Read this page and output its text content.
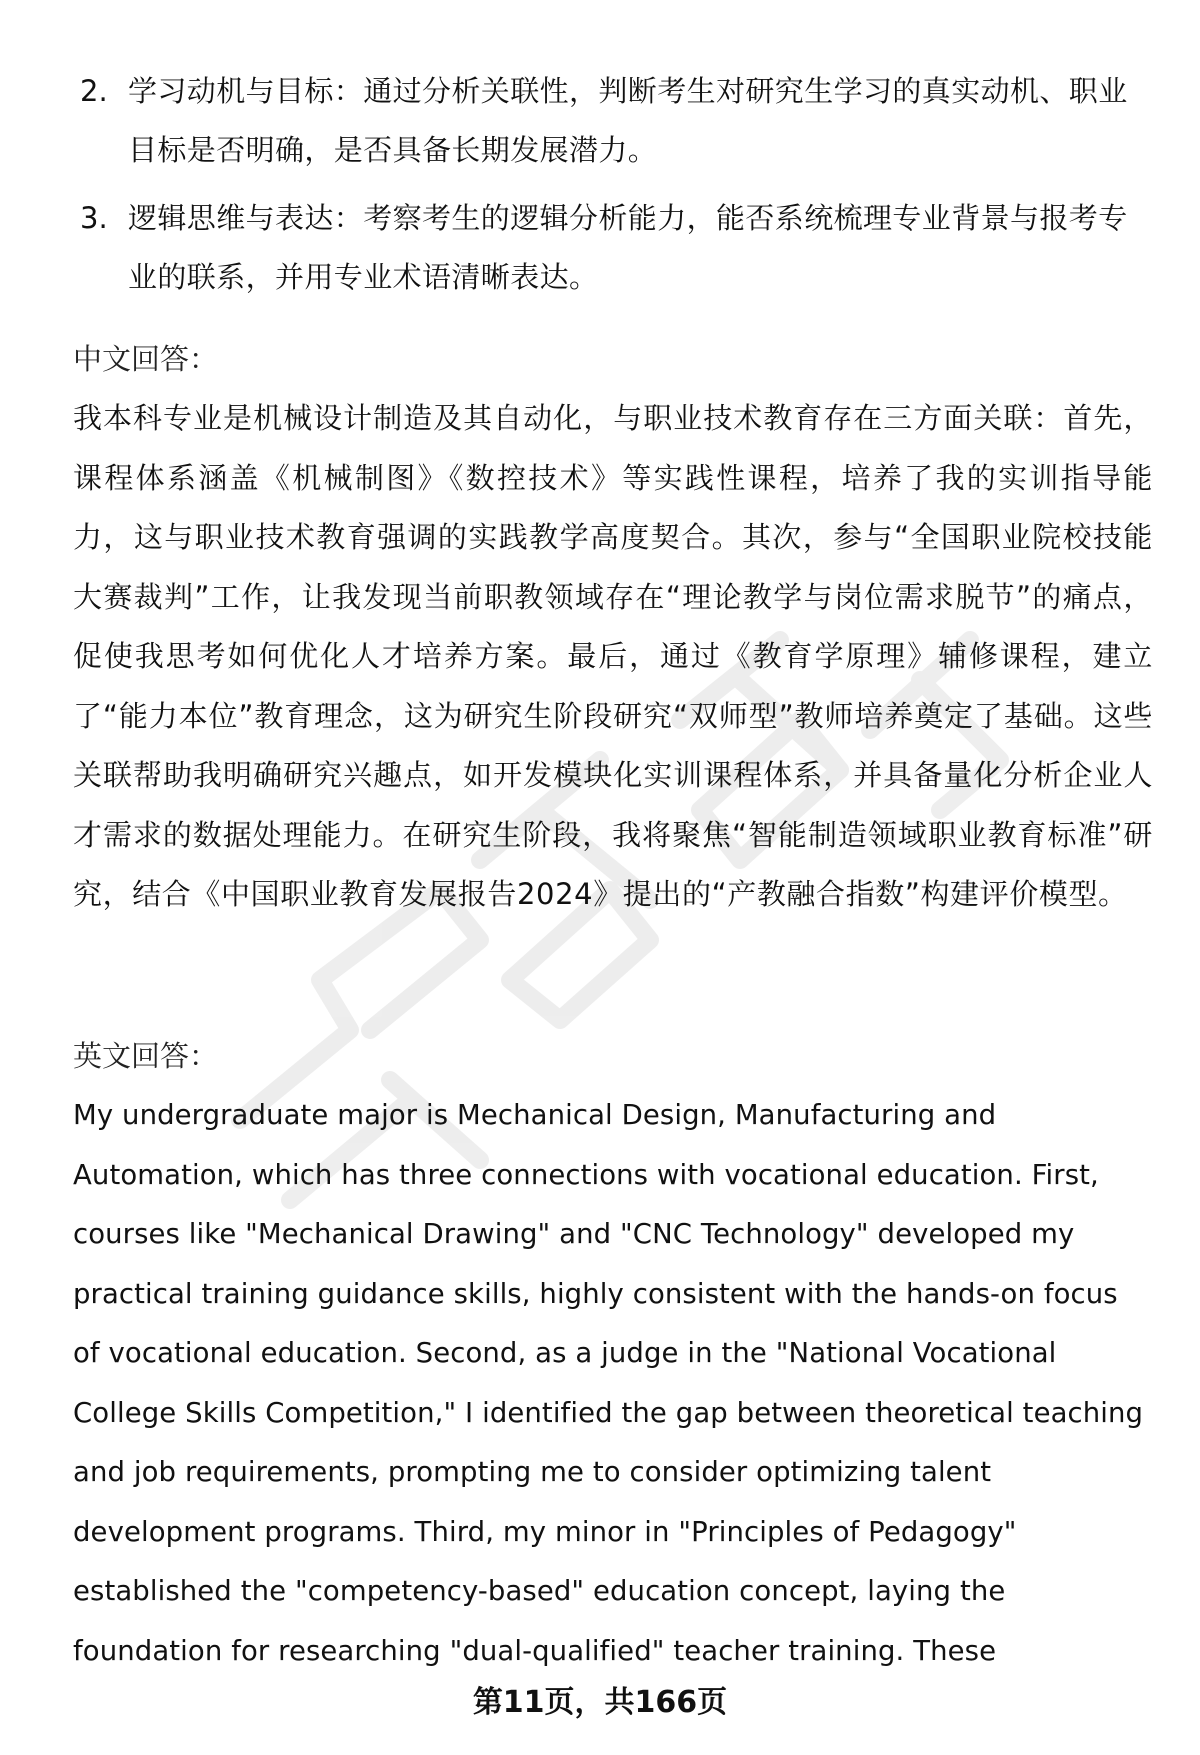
2. 学习动机与目标：通过分析关联性，判断考生对研究生学习的真实动机、职业目标是否明确，是否具备长期发展潜力。
3. 逻辑思维与表达：考察考生的逻辑分析能力，能否系统梳理专业背景与报考专业的联系，并用专业术语清晰表达。

中文回答：

我本科专业是机械设计制造及其自动化，与职业技术教育存在三方面关联：首先，课程体系涵盖《机械制图》《数控技术》等实践性课程，培养了我的实训指导能力，这与职业技术教育强调的实践教学高度契合。其次，参与“全国职业院校技能大赛裁判”工作，让我发现当前职教领域存在“理论教学与岗位需求脱节”的痛点，促使我思考如何优化人才培养方案。最后，通过《教育学原理》辅修课程，建立了“能力本位”教育理念，这为研究生阶段研究“双师型”教师培养奠定了基础。这些关联帮助我明确研究兴趣点，如开发模块化实训课程体系，并具备量化分析企业人才需求的数据处理能力。在研究生阶段，我将聚焦“智能制造领域职业教育标准”研究，结合《中国职业教育发展报告2024》提出的“产教融合指数”构建评价模型。

英文回答：

My undergraduate major is Mechanical Design, Manufacturing and Automation, which has three connections with vocational education. First, courses like "Mechanical Drawing" and "CNC Technology" developed my practical training guidance skills, highly consistent with the hands-on focus of vocational education. Second, as a judge in the "National Vocational College Skills Competition," I identified the gap between theoretical teaching and job requirements, prompting me to consider optimizing talent development programs. Third, my minor in "Principles of Pedagogy" established the "competency-based" education concept, laying the foundation for researching "dual-qualified" teacher training. These

第11页，共166页
